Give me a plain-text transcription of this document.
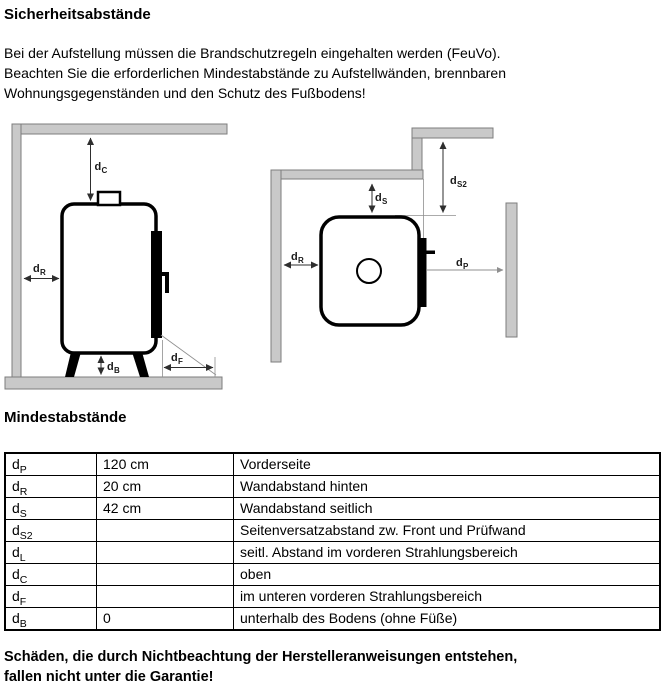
Sicherheitsabstände
Bei der Aufstellung müssen die Brandschutzregeln eingehalten werden (FeuVo).
Beachten Sie die erforderlichen Mindestabstände zu Aufstellwänden, brennbaren
Wohnungsgegenständen und den Schutz des Fußbodens!
d C
d R
d B
d F
d S
d S2
d R	d P
Mindestabstände
$d_P$	120 cm	Vorderseite
$d_R$	20 cm	Wandabstand hinten
$d_S$	42 cm	Wandabstand seitlich
$d_{S2}$		Seitenversatzabstand zw. Front und Prüfwand
$d_L$		seitl. Abstand im vorderen Strahlungsbereich
$d_C$		oben
$d_F$		im unteren vorderen Strahlungsbereich
$d_B$	0	unterhalb des Bodens (ohne Füße)
Schäden, die durch Nichtbeachtung der Herstelleranweisungen entstehen,
fallen nicht unter die Garantie!
